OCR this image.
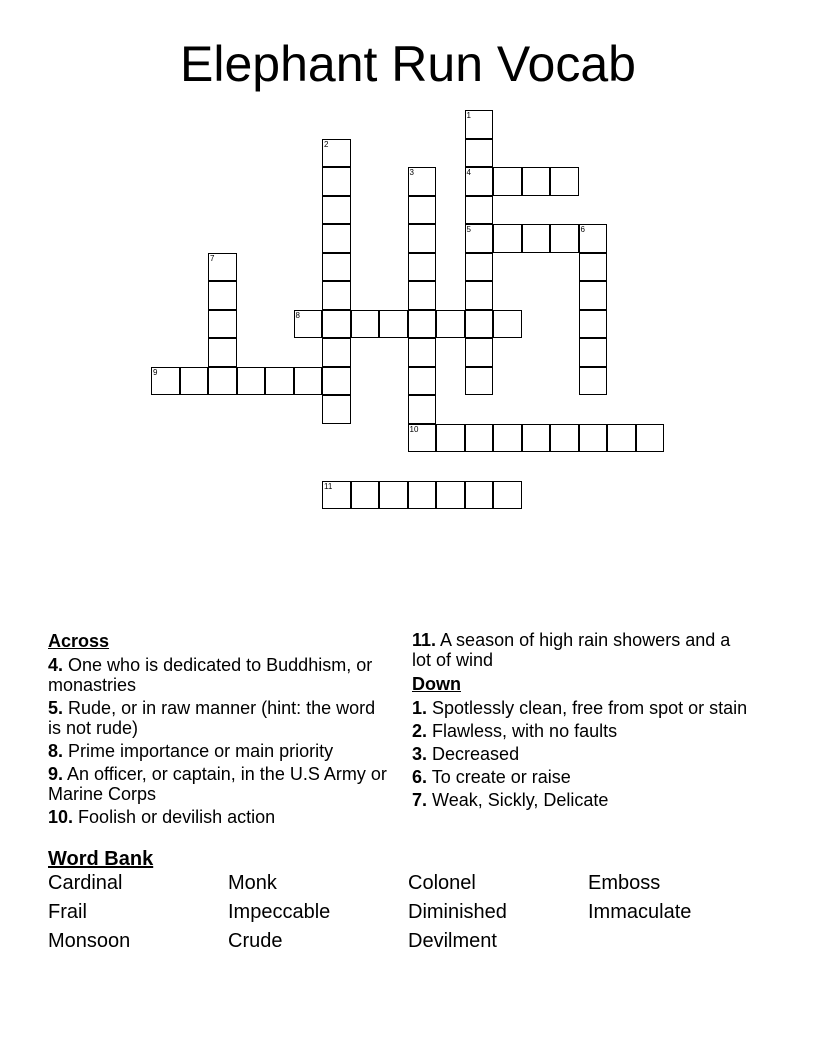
Elephant Run Vocab
1
4
5
2
3
10
6
7
8
9
11
Across
4. One who is dedicated to Buddhism, or monastries
5. Rude, or in raw manner (hint: the word is not rude)
8. Prime importance or main priority
9. An officer, or captain, in the U.S Army or Marine Corps
10. Foolish or devilish action
11. A season of high rain showers and a lot of wind
Down
1. Spotlessly clean, free from spot or stain
2. Flawless, with no faults
3. Decreased
6. To create or raise
7. Weak, Sickly, Delicate
Word Bank
Cardinal	Monk	Colonel	Emboss
Frail	Impeccable	Diminished	Immaculate
Monsoon	Crude	Devilment
